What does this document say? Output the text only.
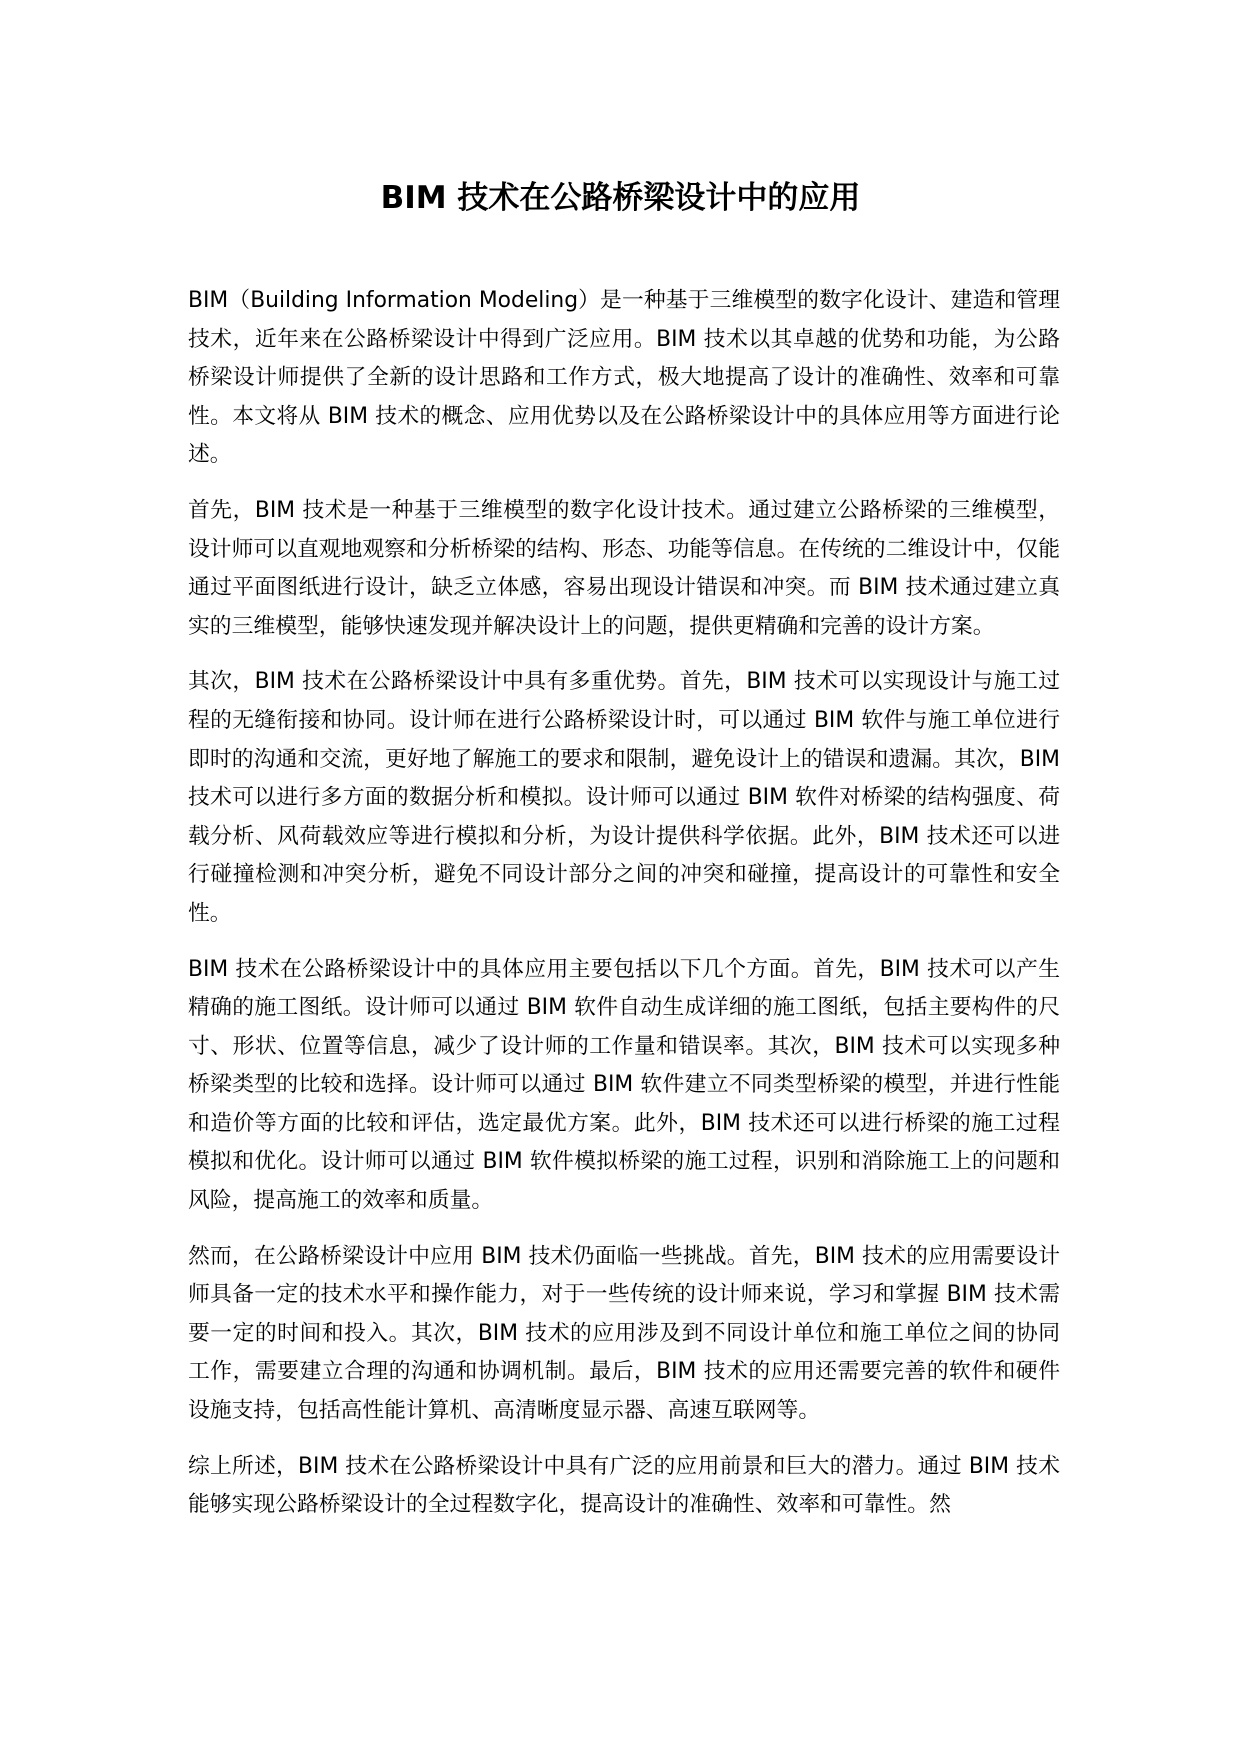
BIM 技术在公路桥梁设计中的应用

BIM（Building Information Modeling）是一种基于三维模型的数字化设计、建造和管理技术，近年来在公路桥梁设计中得到广泛应用。BIM 技术以其卓越的优势和功能，为公路桥梁设计师提供了全新的设计思路和工作方式，极大地提高了设计的准确性、效率和可靠性。本文将从 BIM 技术的概念、应用优势以及在公路桥梁设计中的具体应用等方面进行论述。

首先，BIM 技术是一种基于三维模型的数字化设计技术。通过建立公路桥梁的三维模型，设计师可以直观地观察和分析桥梁的结构、形态、功能等信息。在传统的二维设计中，仅能通过平面图纸进行设计，缺乏立体感，容易出现设计错误和冲突。而 BIM 技术通过建立真实的三维模型，能够快速发现并解决设计上的问题，提供更精确和完善的设计方案。

其次，BIM 技术在公路桥梁设计中具有多重优势。首先，BIM 技术可以实现设计与施工过程的无缝衔接和协同。设计师在进行公路桥梁设计时，可以通过 BIM 软件与施工单位进行即时的沟通和交流，更好地了解施工的要求和限制，避免设计上的错误和遗漏。其次，BIM 技术可以进行多方面的数据分析和模拟。设计师可以通过 BIM 软件对桥梁的结构强度、荷载分析、风荷载效应等进行模拟和分析，为设计提供科学依据。此外，BIM 技术还可以进行碰撞检测和冲突分析，避免不同设计部分之间的冲突和碰撞，提高设计的可靠性和安全性。

BIM 技术在公路桥梁设计中的具体应用主要包括以下几个方面。首先，BIM 技术可以产生精确的施工图纸。设计师可以通过 BIM 软件自动生成详细的施工图纸，包括主要构件的尺寸、形状、位置等信息，减少了设计师的工作量和错误率。其次，BIM 技术可以实现多种桥梁类型的比较和选择。设计师可以通过 BIM 软件建立不同类型桥梁的模型，并进行性能和造价等方面的比较和评估，选定最优方案。此外，BIM 技术还可以进行桥梁的施工过程模拟和优化。设计师可以通过 BIM 软件模拟桥梁的施工过程，识别和消除施工上的问题和风险，提高施工的效率和质量。

然而，在公路桥梁设计中应用 BIM 技术仍面临一些挑战。首先，BIM 技术的应用需要设计师具备一定的技术水平和操作能力，对于一些传统的设计师来说，学习和掌握 BIM 技术需要一定的时间和投入。其次，BIM 技术的应用涉及到不同设计单位和施工单位之间的协同工作，需要建立合理的沟通和协调机制。最后，BIM 技术的应用还需要完善的软件和硬件设施支持，包括高性能计算机、高清晰度显示器、高速互联网等。

综上所述，BIM 技术在公路桥梁设计中具有广泛的应用前景和巨大的潜力。通过 BIM 技术能够实现公路桥梁设计的全过程数字化，提高设计的准确性、效率和可靠性。然
